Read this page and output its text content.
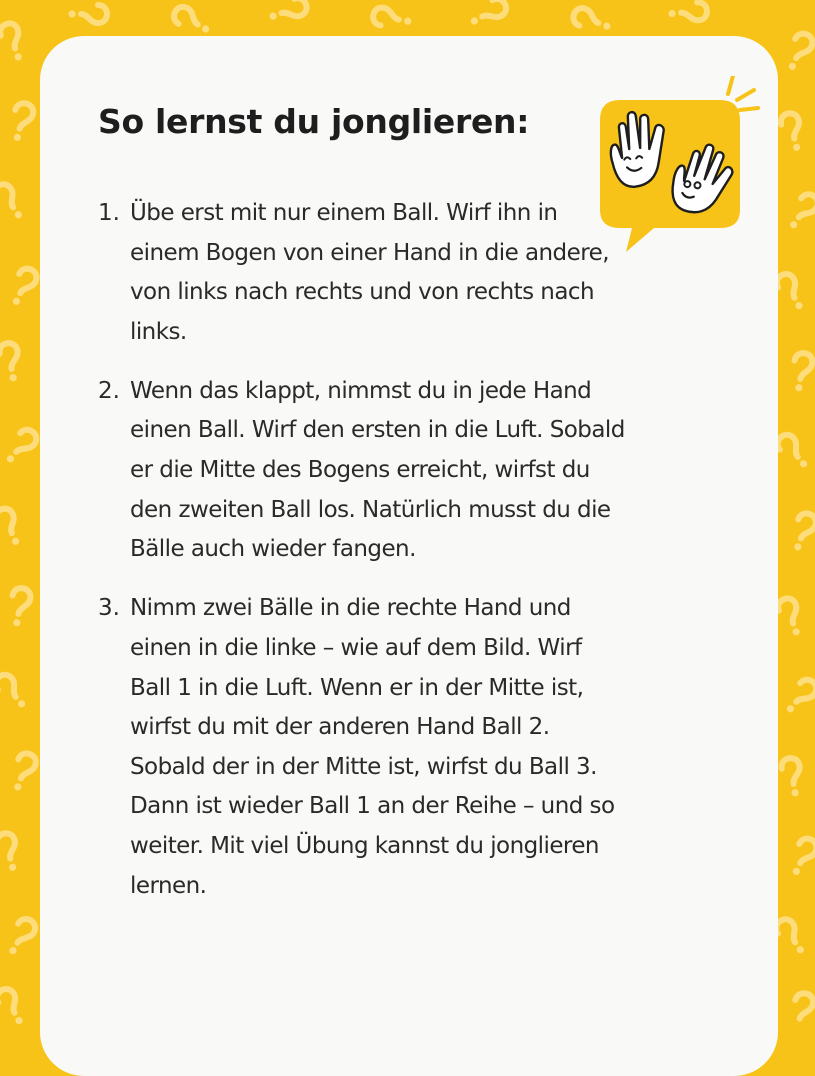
So lernst du jonglieren:
1. Übe erst mit nur einem Ball. Wirf ihn in einem Bogen von einer Hand in die andere, von links nach rechts und von rechts nach links.
2. Wenn das klappt, nimmst du in jede Hand einen Ball. Wirf den ersten in die Luft. Sobald er die Mitte des Bogens erreicht, wirfst du den zweiten Ball los. Natürlich musst du die Bälle auch wieder fangen.
3. Nimm zwei Bälle in die rechte Hand und einen in die linke – wie auf dem Bild. Wirf Ball 1 in die Luft. Wenn er in der Mitte ist, wirfst du mit der anderen Hand Ball 2. Sobald der in der Mitte ist, wirfst du Ball 3. Dann ist wieder Ball 1 an der Reihe – und so weiter. Mit viel Übung kannst du jonglieren lernen.
